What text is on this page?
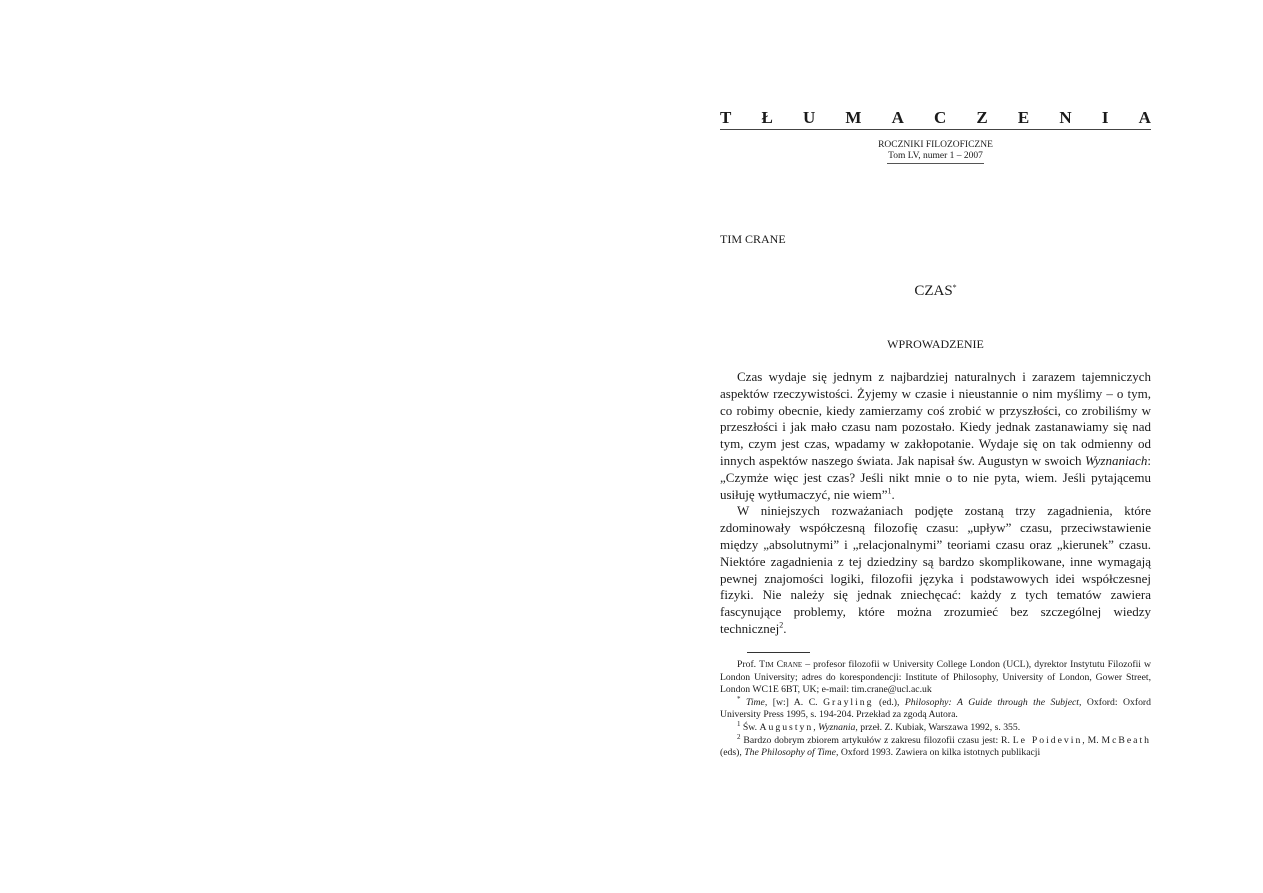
T Ł U M A C Z E N I A
ROCZNIKI FILOZOFICZNE
Tom LV, numer 1 – 2007
TIM CRANE
CZAS*
WPROWADZENIE

Czas wydaje się jednym z najbardziej naturalnych i zarazem tajemniczych aspektów rzeczywistości. Żyjemy w czasie i nieustannie o nim myślimy – o tym, co robimy obecnie, kiedy zamierzamy coś zrobić w przyszłości, co zrobiliśmy w przeszłości i jak mało czasu nam pozostało. Kiedy jednak zastanawiamy się nad tym, czym jest czas, wpadamy w zakłopotanie. Wydaje się on tak odmienny od innych aspektów naszego świata. Jak napisał św. Augustyn w swoich Wyznaniach: „Czymże więc jest czas? Jeśli nikt mnie o to nie pyta, wiem. Jeśli pytającemu usiłuję wytłumaczyć, nie wiem”$^1$.

W niniejszych rozważaniach podjęte zostaną trzy zagadnienia, które zdominowały współczesną filozofię czasu: „upływ” czasu, przeciwstawienie między „absolutnymi” i „relacjonalnymi” teoriami czasu oraz „kierunek” czasu. Niektóre zagadnienia z tej dziedziny są bardzo skomplikowane, inne wymagają pewnej znajomości logiki, filozofii języka i podstawowych idei współczesnej fizyki. Nie należy się jednak zniechęcać: każdy z tych tematów zawiera fascynujące problemy, które można zrozumieć bez szczególnej wiedzy technicznej$^2$.

Prof. Tim Crane – profesor filozofii w University College London (UCL), dyrektor Instytutu Filozofii w London University; adres do korespondencji: Institute of Philosophy, University of London, Gower Street, London WC1E 6BT, UK; e-mail: tim.crane@ucl.ac.uk

* Time, [w:] A. C. Grayling (ed.), Philosophy: A Guide through the Subject, Oxford: Oxford University Press 1995, s. 194-204. Przekład za zgodą Autora.

$^1$ Św. Augustyn, Wyznania, przeł. Z. Kubiak, Warszawa 1992, s. 355.

$^2$ Bardzo dobrym zbiorem artykułów z zakresu filozofii czasu jest: R. Le Poidevin, M. McBeath (eds), The Philosophy of Time, Oxford 1993. Zawiera on kilka istotnych publikacji
